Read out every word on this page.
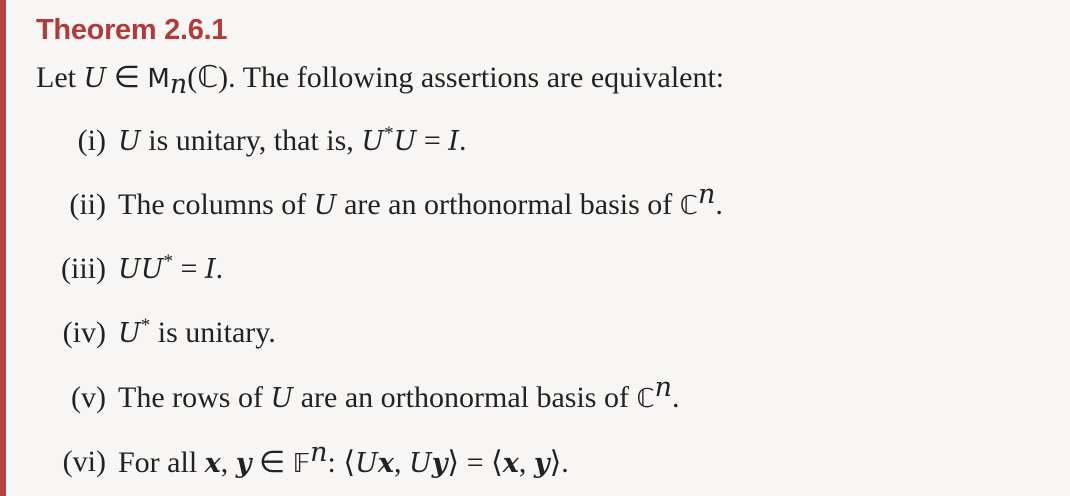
Theorem 2.6.1
Let U ∈ $M_n(ℂ)$. The following assertions are equivalent:
(i) U is unitary, that is, U*U = I.
(ii) The columns of U are an orthonormal basis of ℂ$^n$.
(iii) UU* = I.
(iv) U* is unitary.
(v) The rows of U are an orthonormal basis of ℂ$^n$.
(vi) For all x, y ∈ 𝔽$^n$: ⟨Ux, Uy⟩ = ⟨x, y⟩.
